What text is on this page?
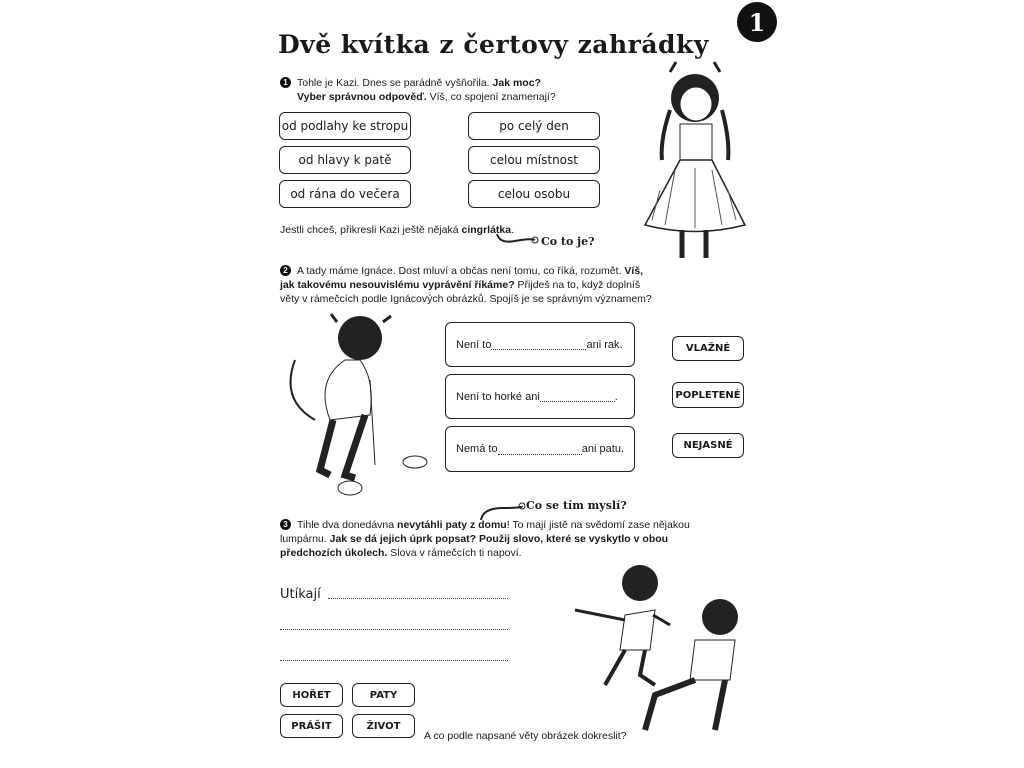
1
Dvě kvítka z čertovy zahrádky
1 Tohle je Kazi. Dnes se parádně vyšňořila. Jak moc?
Vyber správnou odpověď. Víš, co spojení znamenají?
od podlahy ke stropu
od hlavy k patě
od rána do večera
po celý den
celou místnost
celou osobu
Jestli chceš, přikresli Kazi ještě nějaká cingrlátka.
Co to je?
2 A tady máme Ignáce. Dost mluví a občas není tomu, co říká, rozumět. Víš, jak takovému nesouvislému vyprávění říkáme? Přijdeš na to, když doplníš věty v rámečcích podle Ignácových obrázků. Spojíš je se správným významem?
Není to	ani rak.
Není to horké ani	.
Nemá to	ani patu.
VLAŽNÉ
POPLETENÉ
NEJASNÉ
Co se tím myslí?
3 Tihle dva donedávna nevytáhli paty z domu! To mají jistě na svědomí zase nějakou lumpárnu. Jak se dá jejich úprk popsat? Použij slovo, které se vyskytlo v obou předchozích úkolech. Slova v rámečcích ti napoví.
Utíkají
HOŘET	PATY
PRÁŠIT	ŽIVOT
A co podle napsané věty obrázek dokreslit?
